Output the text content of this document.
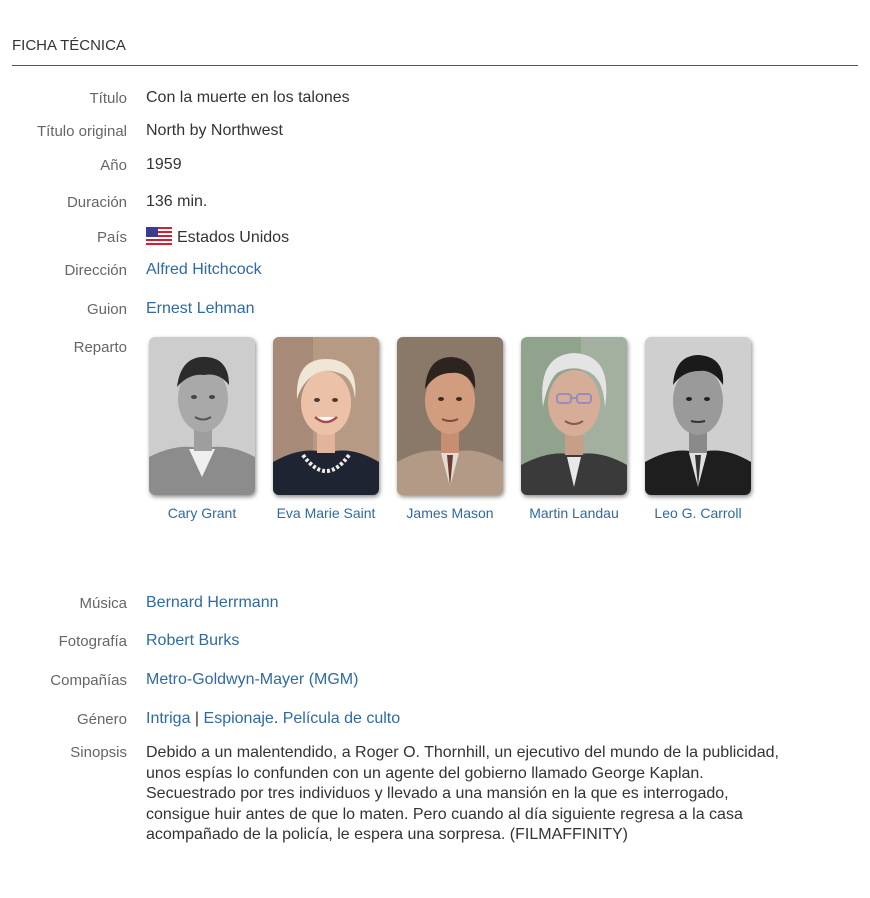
FICHA TÉCNICA
Título Con la muerte en los talones
Título original North by Northwest
Año 1959
Duración 136 min.
País	Estados Unidos
Dirección Alfred Hitchcock
Guion Ernest Lehman
Reparto
Cary Grant	Eva Marie Saint	James Mason	Martin Landau	Leo G. Carroll
Música Bernard Herrmann
Fotografía Robert Burks
Compañías Metro-Goldwyn-Mayer (MGM)
Género Intriga | Espionaje. Película de culto
Sinopsis Debido a un malentendido, a Roger O. Thornhill, un ejecutivo del mundo de la publicidad, unos espías lo confunden con un agente del gobierno llamado George Kaplan. Secuestrado por tres individuos y llevado a una mansión en la que es interrogado, consigue huir antes de que lo maten. Pero cuando al día siguiente regresa a la casa acompañado de la policía, le espera una sorpresa. (FILMAFFINITY)
